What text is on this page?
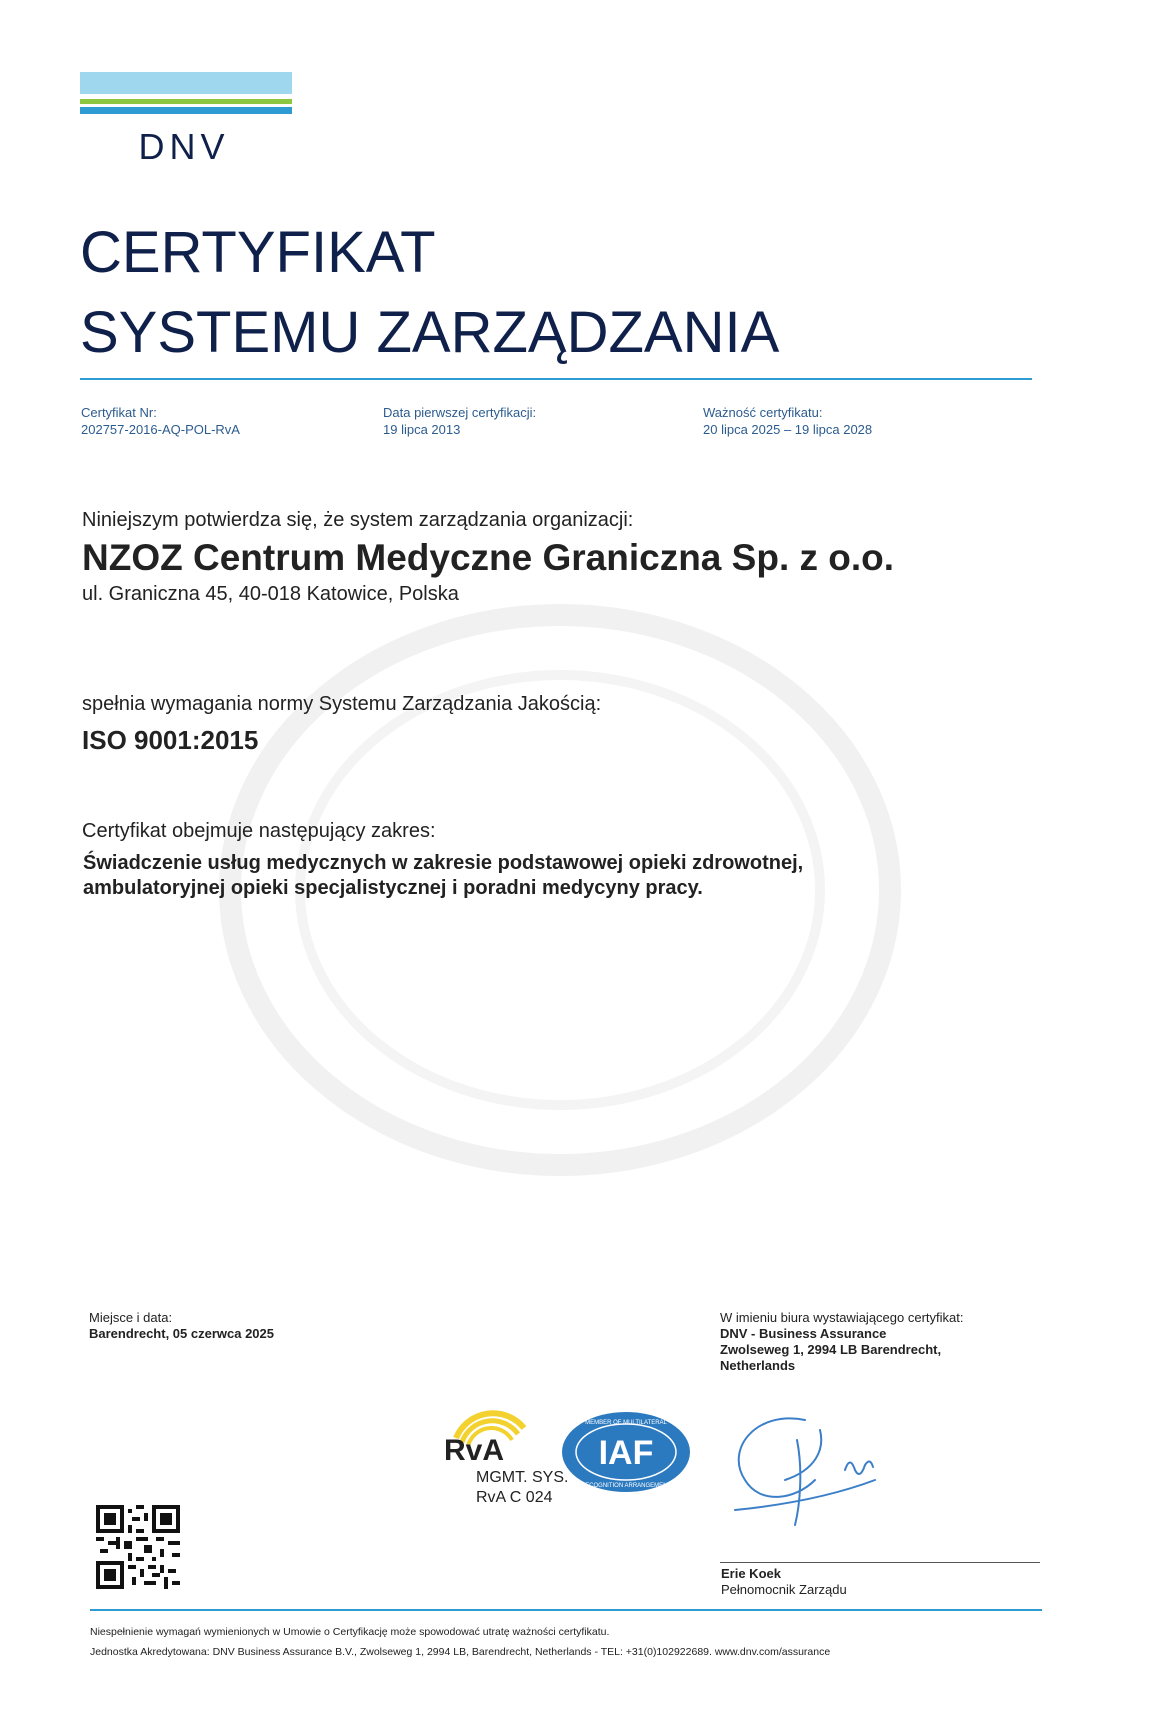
DNV
CERTYFIKAT
SYSTEMU ZARZĄDZANIA
Certyfikat Nr:
202757-2016-AQ-POL-RvA
Data pierwszej certyfikacji:
19 lipca 2013
Ważność certyfikatu:
20 lipca 2025 – 19 lipca 2028
Niniejszym potwierdza się, że system zarządzania organizacji:
NZOZ Centrum Medyczne Graniczna Sp. z o.o.
ul. Graniczna 45, 40-018 Katowice, Polska
spełnia wymagania normy Systemu Zarządzania Jakością:
ISO 9001:2015
Certyfikat obejmuje następujący zakres:
Świadczenie usług medycznych w zakresie podstawowej opieki zdrowotnej,
ambulatoryjnej opieki specjalistycznej i poradni medycyny pracy.
Miejsce i data:
Barendrecht, 05 czerwca 2025
W imieniu biura wystawiającego certyfikat:
DNV - Business Assurance
Zwolseweg 1, 2994 LB Barendrecht,
Netherlands
RvA
MGMT. SYS.
RvA C 024
IAF
MEMBER OF MULTILATERAL
RECOGNITION ARRANGEMENT
Erie Koek
Pełnomocnik Zarządu
Niespełnienie wymagań wymienionych w Umowie o Certyfikację może spowodować utratę ważności certyfikatu.
Jednostka Akredytowana: DNV Business Assurance B.V., Zwolseweg 1, 2994 LB, Barendrecht, Netherlands - TEL: +31(0)102922689. www.dnv.com/assurance
